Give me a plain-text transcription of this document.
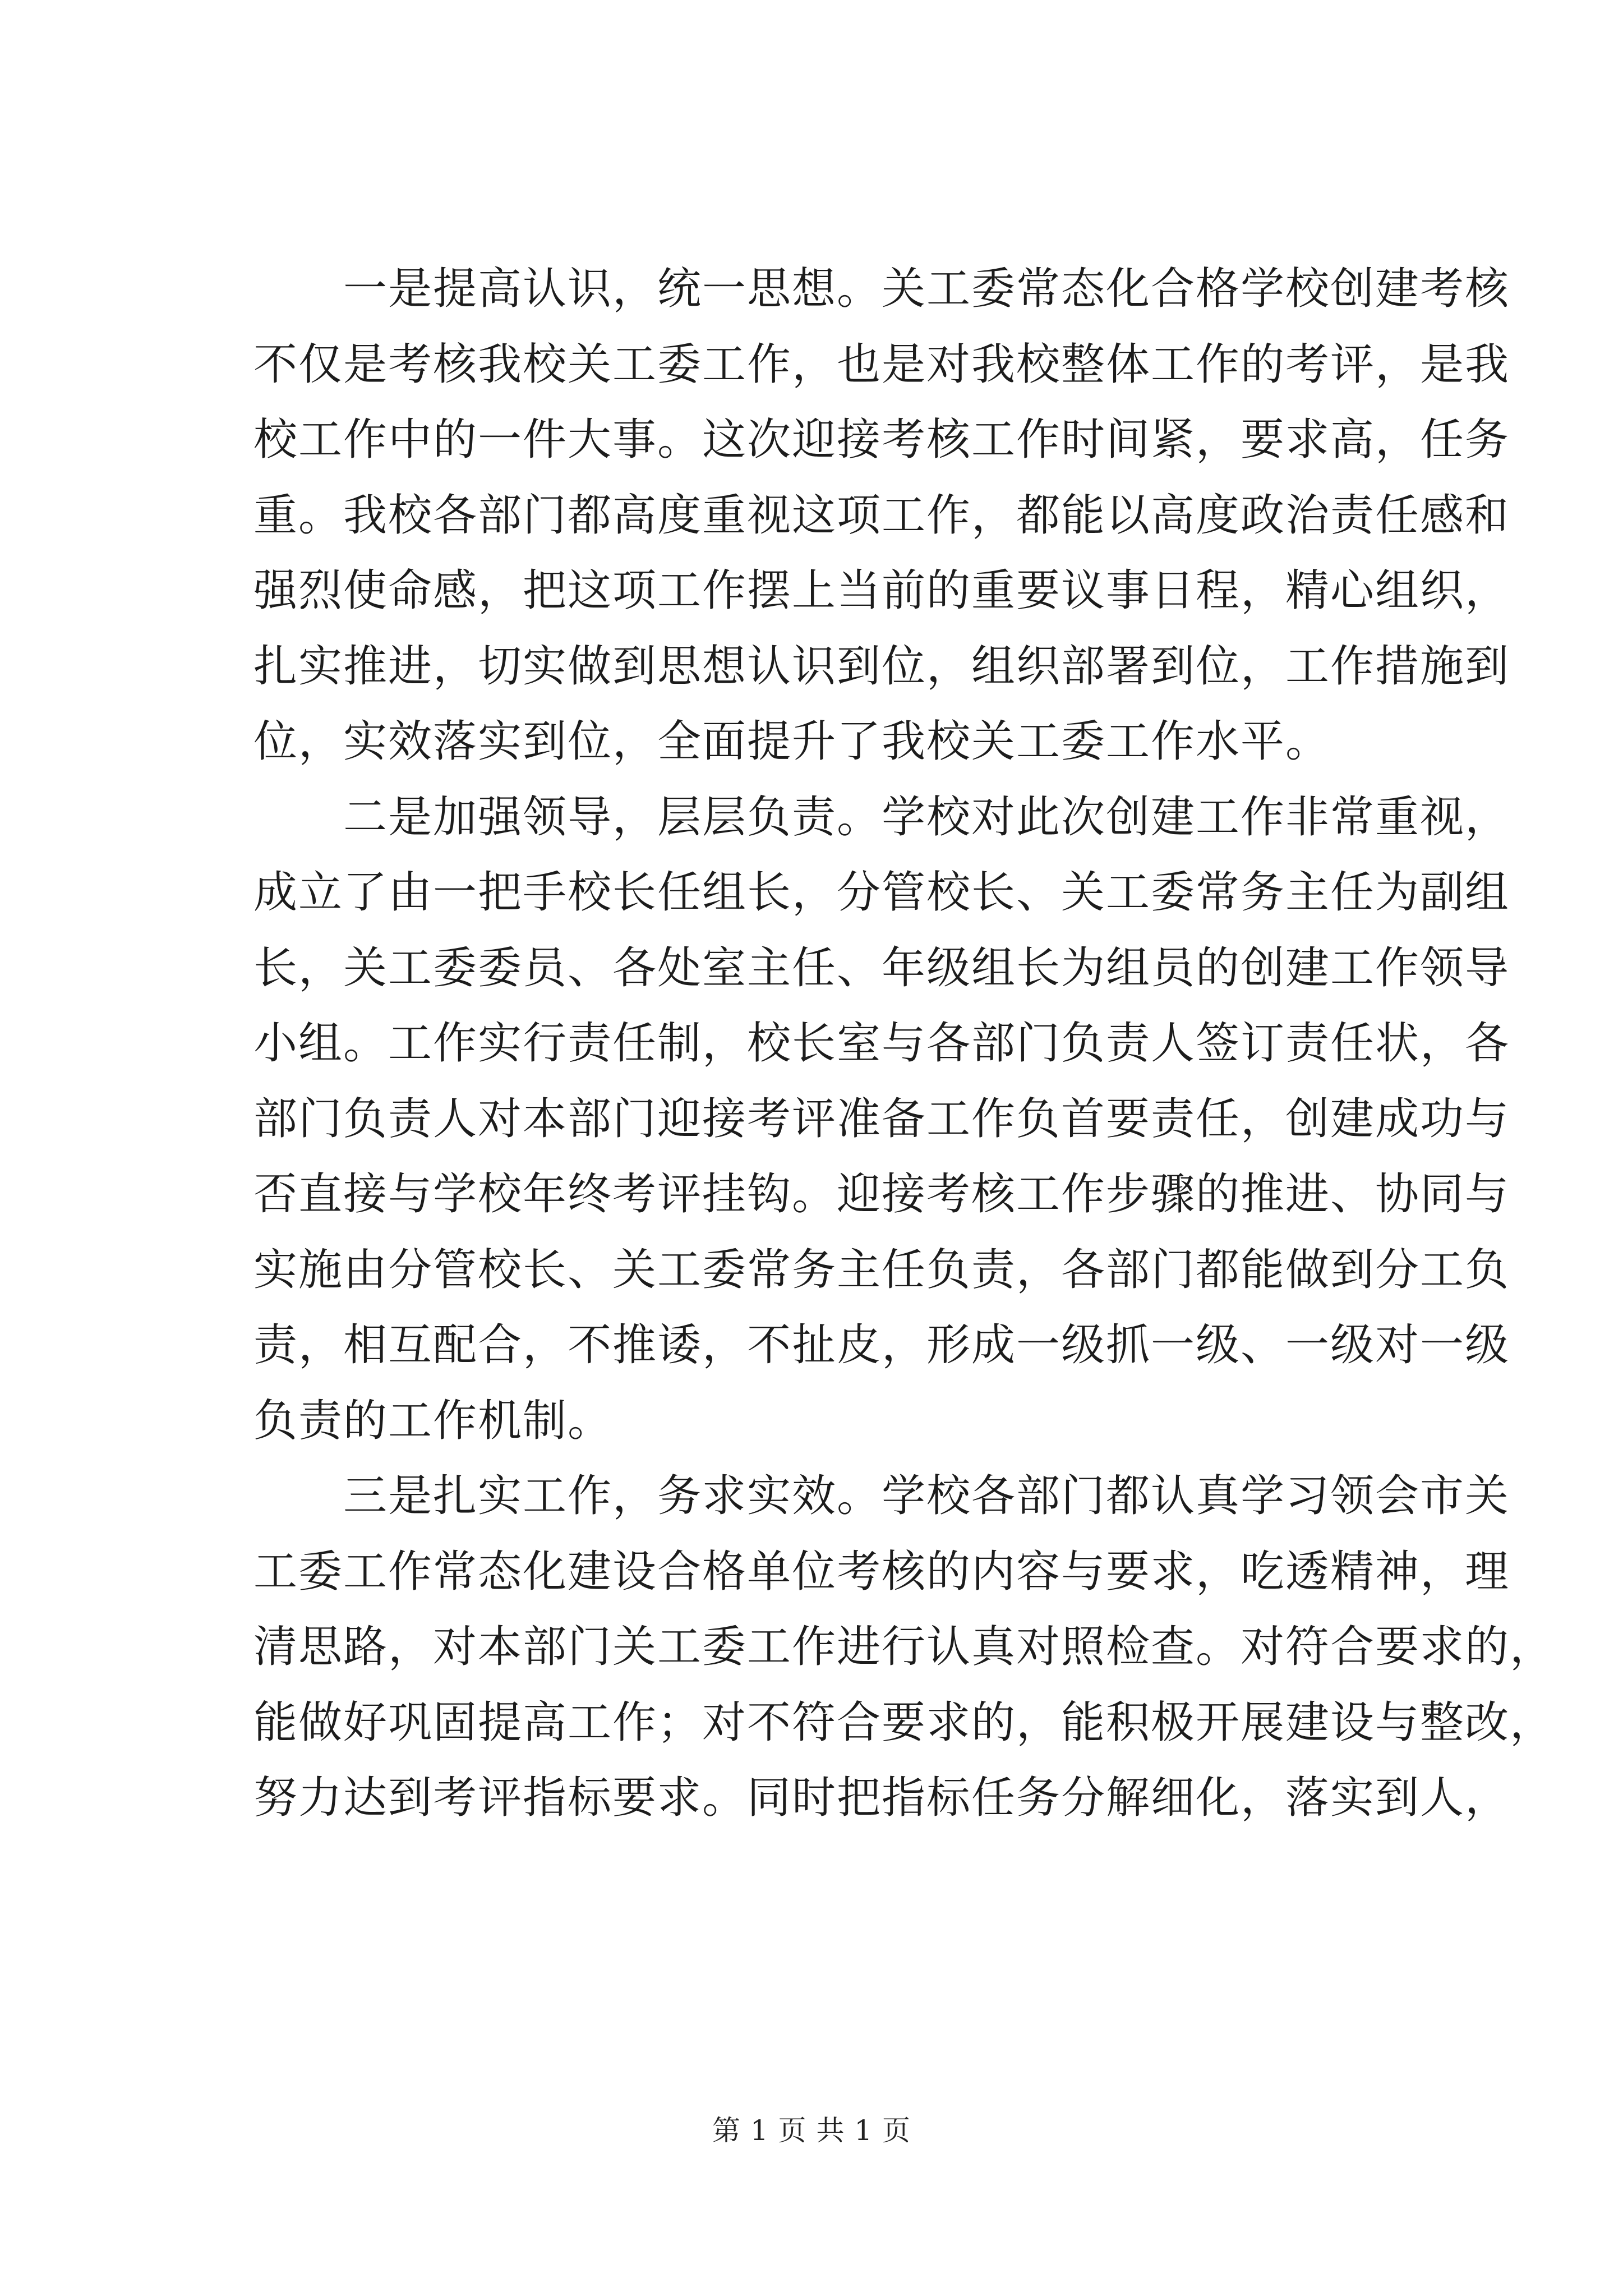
一是提高认识，统一思想。关工委常态化合格学校创建考核
不仅是考核我校关工委工作，也是对我校整体工作的考评，是我
校工作中的一件大事。这次迎接考核工作时间紧，要求高，任务
重。我校各部门都高度重视这项工作，都能以高度政治责任感和
强烈使命感，把这项工作摆上当前的重要议事日程，精心组织，
扎实推进，切实做到思想认识到位，组织部署到位，工作措施到
位，实效落实到位，全面提升了我校关工委工作水平。
二是加强领导，层层负责。学校对此次创建工作非常重视，
成立了由一把手校长任组长，分管校长、关工委常务主任为副组
长，关工委委员、各处室主任、年级组长为组员的创建工作领导
小组。工作实行责任制，校长室与各部门负责人签订责任状，各
部门负责人对本部门迎接考评准备工作负首要责任，创建成功与
否直接与学校年终考评挂钩。迎接考核工作步骤的推进、协同与
实施由分管校长、关工委常务主任负责，各部门都能做到分工负
责，相互配合，不推诿，不扯皮，形成一级抓一级、一级对一级
负责的工作机制。
三是扎实工作，务求实效。学校各部门都认真学习领会市关
工委工作常态化建设合格单位考核的内容与要求，吃透精神，理
清思路，对本部门关工委工作进行认真对照检查。对符合要求的，
能做好巩固提高工作；对不符合要求的，能积极开展建设与整改，
努力达到考评指标要求。同时把指标任务分解细化，落实到人，
第 1 页 共 1 页
